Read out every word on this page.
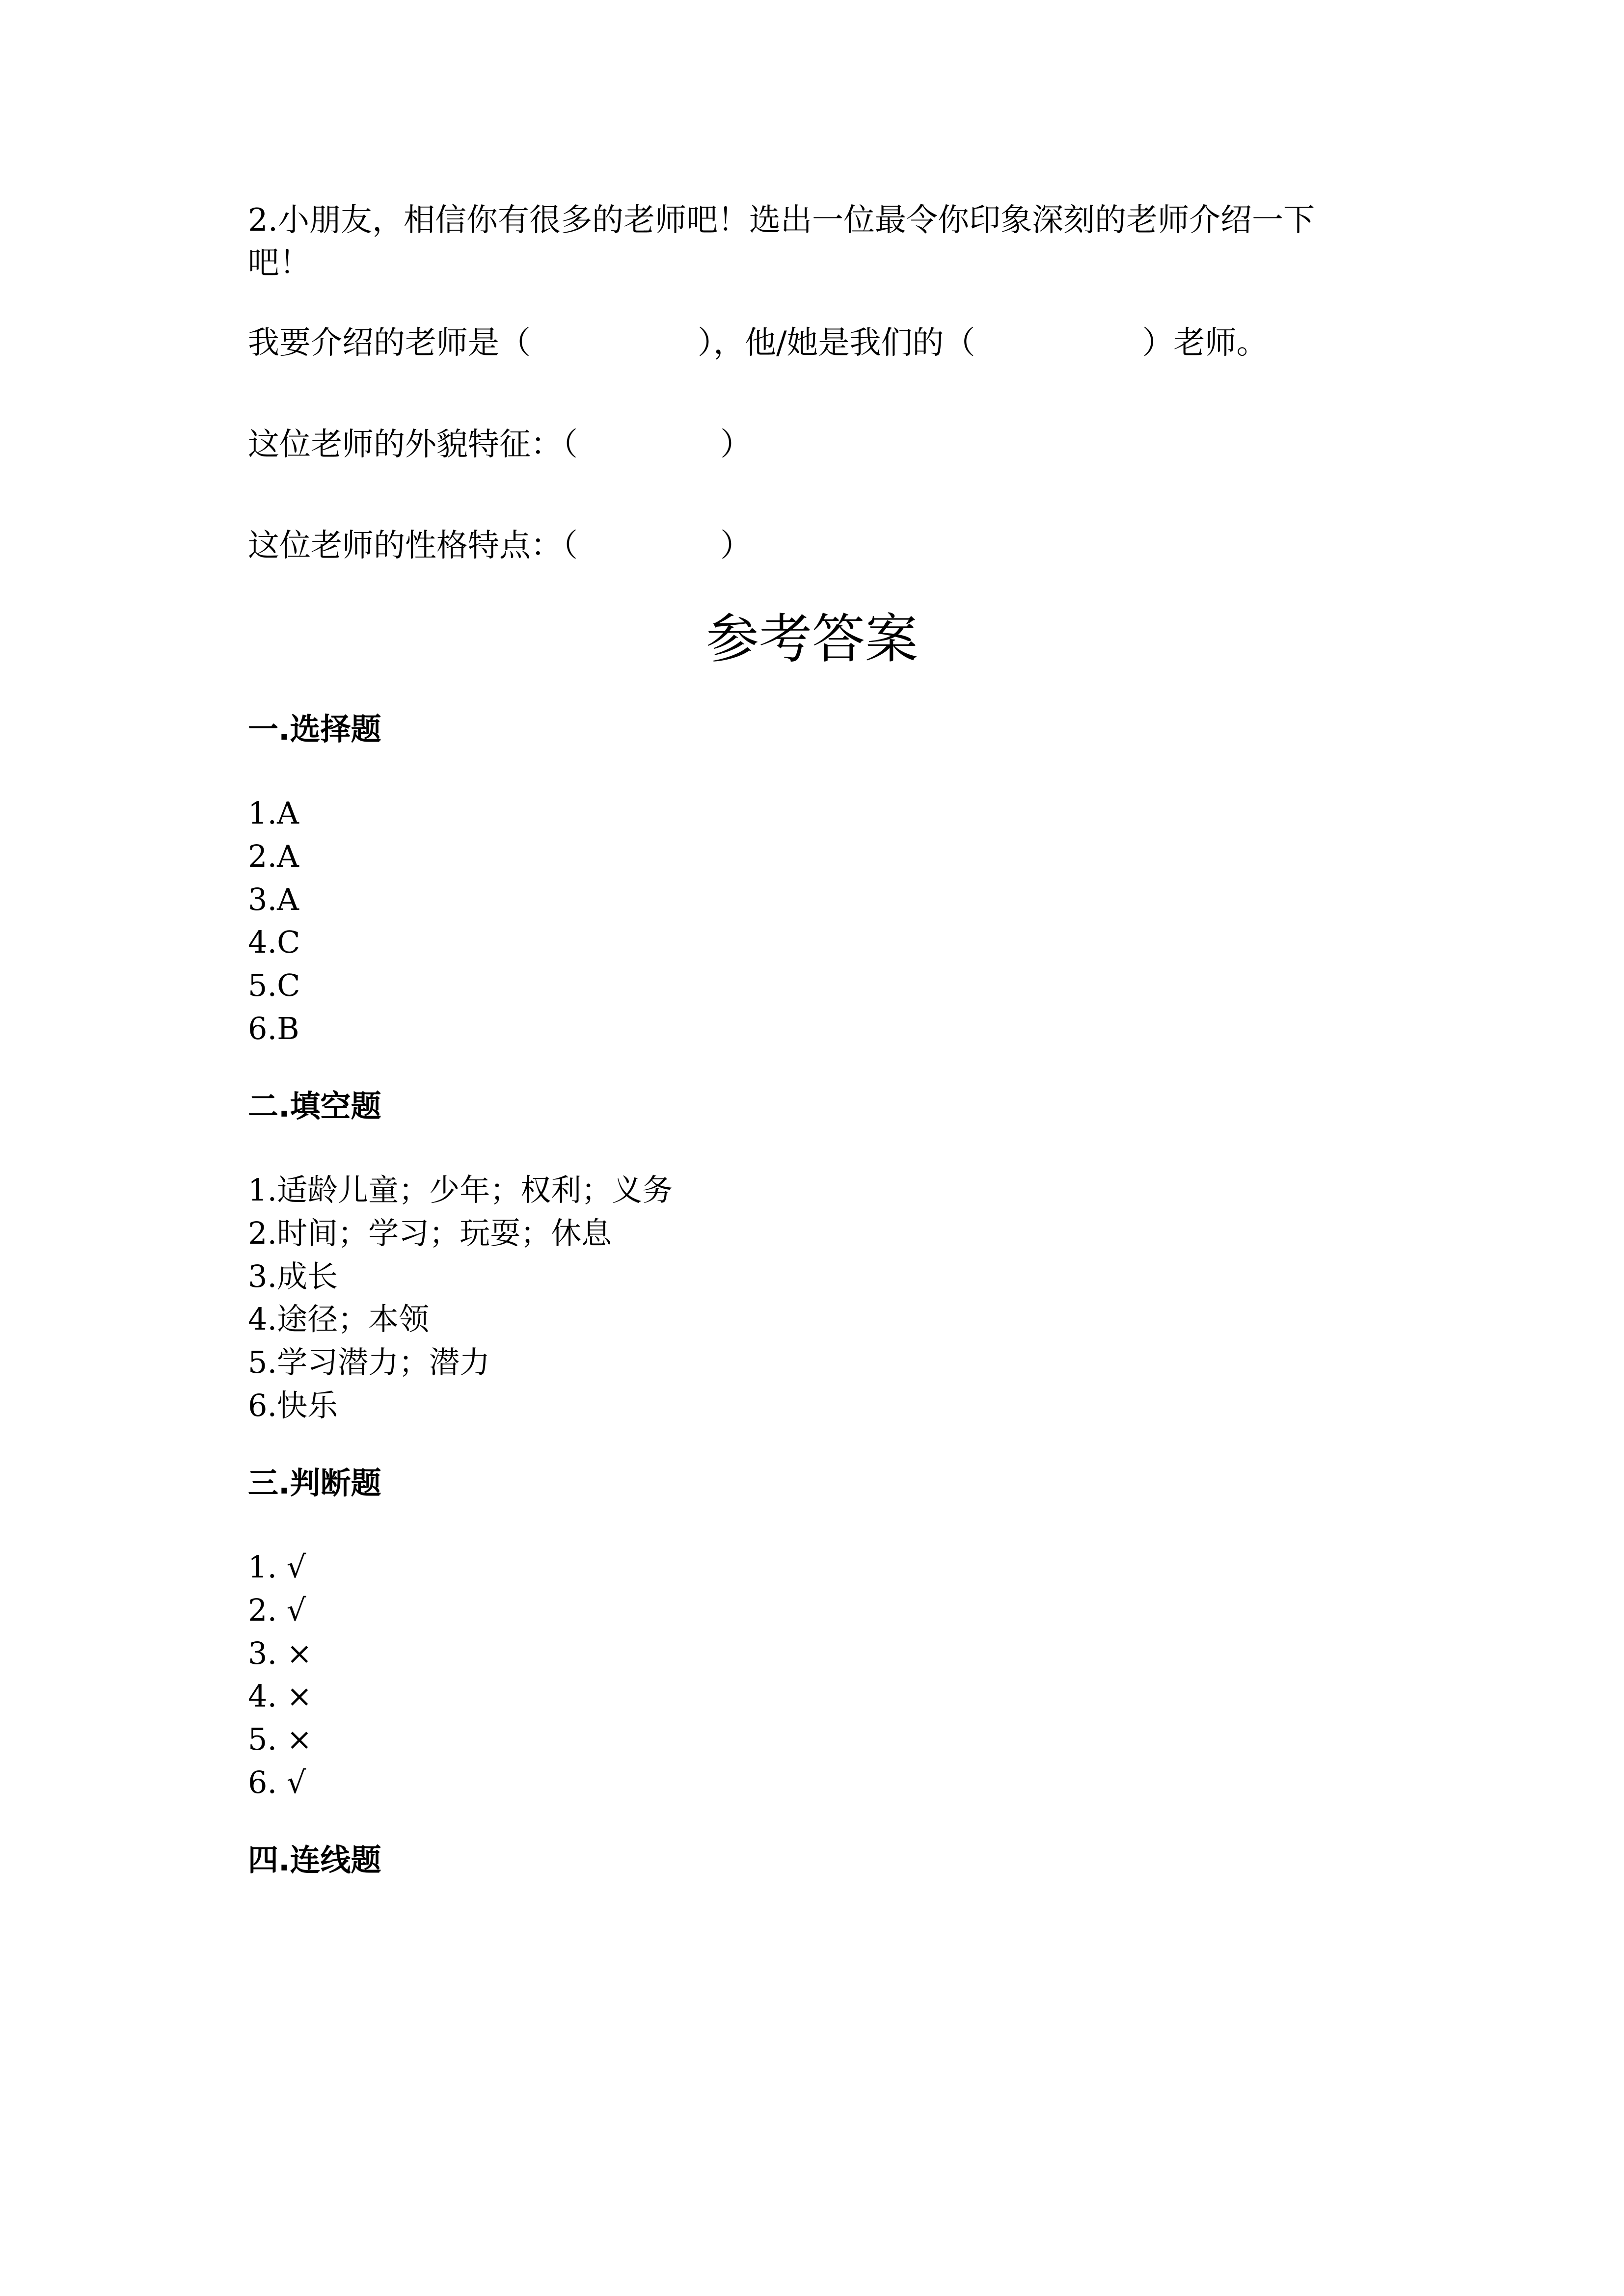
2.小朋友，相信你有很多的老师吧！选出一位最令你印象深刻的老师介绍一下
吧！
我要介绍的老师是（	），他/她是我们的（	）老师。
这位老师的外貌特征：（	）
这位老师的性格特点：（	）
参考答案
一.选择题
1.A
2.A
3.A
4.C
5.C
6.B
二.填空题
1.适龄儿童；少年；权利；义务
2.时间；学习；玩耍；休息
3.成长
4.途径；本领
5.学习潜力；潜力
6.快乐
三.判断题
1. √
2. √
3. ×
4. ×
5. ×
6. √
四.连线题
